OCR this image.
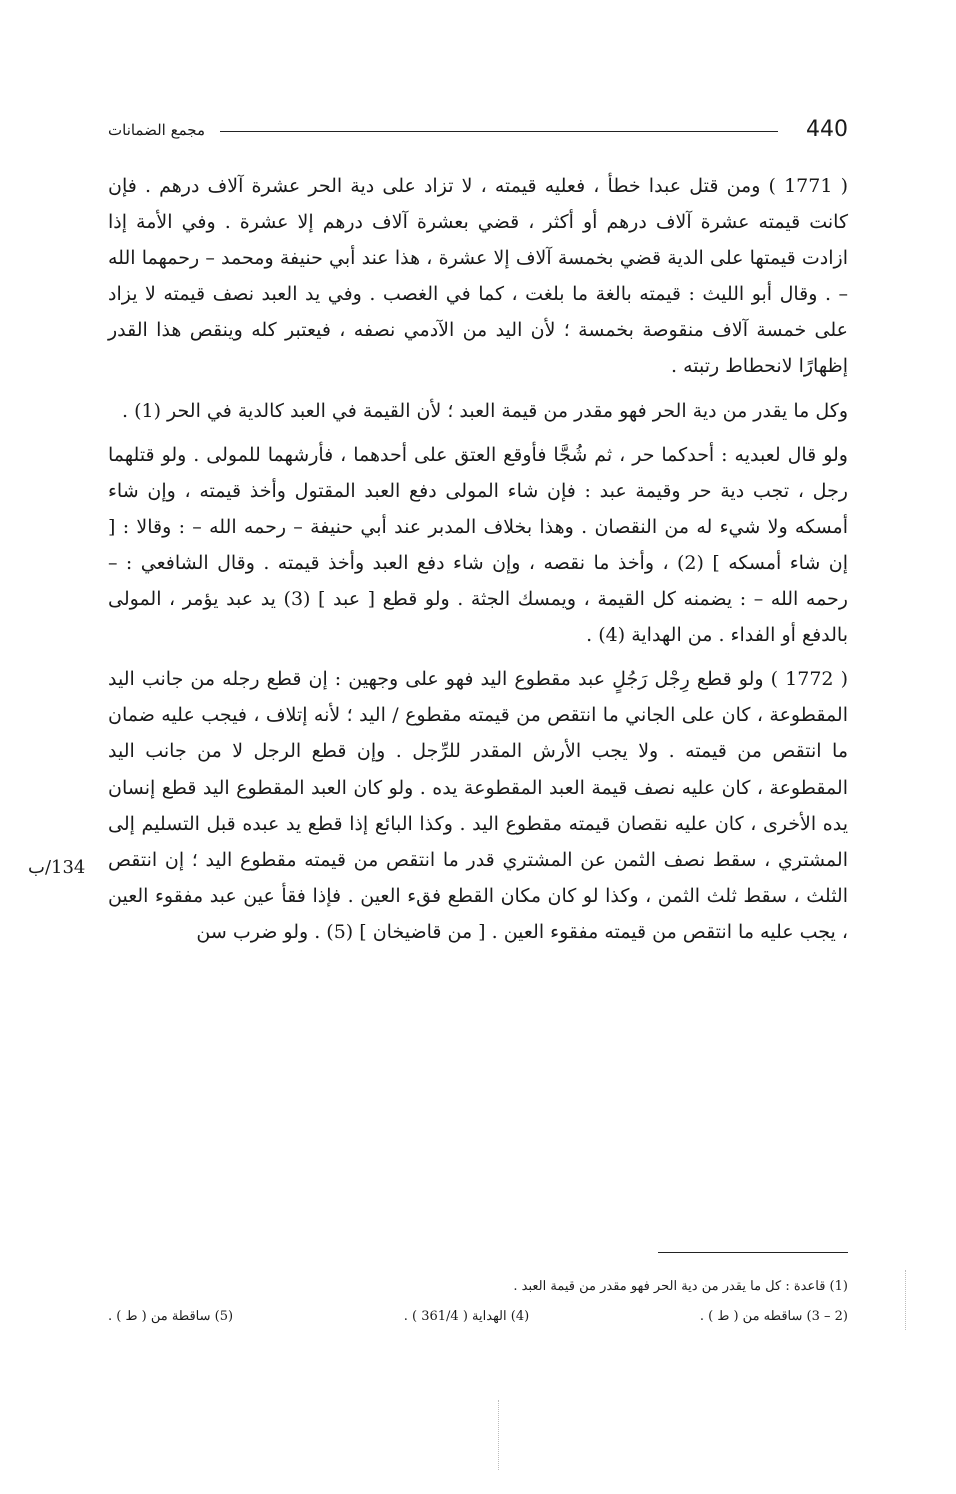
440
مجمع الضمانات

( 1771 ) ومن قتل عبدا خطأ ، فعليه قيمته ، لا تزاد على دية الحر عشرة آلاف درهم . فإن كانت قيمته عشرة آلاف درهم أو أكثر ، قضي بعشرة آلاف درهم إلا عشرة . وفي الأمة إذا ازادت قيمتها على الدية قضي بخمسة آلاف إلا عشرة ، هذا عند أبي حنيفة ومحمد – رحمهما الله – . وقال أبو الليث : قيمته بالغة ما بلغت ، كما في الغصب . وفي يد العبد نصف قيمته لا يزاد على خمسة آلاف منقوصة بخمسة ؛ لأن اليد من الآدمي نصفه ، فيعتبر كله وينقص هذا القدر إظهارًا لانحطاط رتبته .

وكل ما يقدر من دية الحر فهو مقدر من قيمة العبد ؛ لأن القيمة في العبد كالدية في الحر (1) .

ولو قال لعبديه : أحدكما حر ، ثم شُجَّا فأوقع العتق على أحدهما ، فأرشهما للمولى . ولو قتلهما رجل ، تجب دية حر وقيمة عبد : فإن شاء المولى دفع العبد المقتول وأخذ قيمته ، وإن شاء أمسكه ولا شيء له من النقصان . وهذا بخلاف المدبر عند أبي حنيفة – رحمه الله – : وقالا : [ إن شاء أمسكه ] (2) ، وأخذ ما نقصه ، وإن شاء دفع العبد وأخذ قيمته . وقال الشافعي : – رحمه الله – : يضمنه كل القيمة ، ويمسك الجثة . ولو قطع [ عبد ] (3) يد عبد يؤمر ، المولى بالدفع أو الفداء . من الهداية (4) .

( 1772 ) ولو قطع رِجْل رَجُلٍ عبد مقطوع اليد فهو على وجهين : إن قطع رجله من جانب اليد المقطوعة ، كان على الجاني ما انتقص من قيمته مقطوع / اليد ؛ لأنه إتلاف ، فيجب عليه ضمان ما انتقص من قيمته . ولا يجب الأرش المقدر للرِّجل . وإن قطع الرجل لا من جانب اليد المقطوعة ، كان عليه نصف قيمة العبد المقطوعة يده . ولو كان العبد المقطوع اليد قطع إنسان يده الأخرى ، كان عليه نقصان قيمته مقطوع اليد . وكذا البائع إذا قطع يد عبده قبل التسليم إلى المشتري ، سقط نصف الثمن عن المشتري قدر ما انتقص من قيمته مقطوع اليد ؛ إن انتقص الثلث ، سقط ثلث الثمن ، وكذا لو كان مكان القطع فقء العين . فإذا فقأ عين عبد مفقوء العين ، يجب عليه ما انتقص من قيمته مفقوء العين . [ من قاضيخان ] (5) . ولو ضرب سن

134/ب
(1) قاعدة : كل ما يقدر من دية الحر فهو مقدر من قيمة العبد .
(2 – 3) ساقطه من ( ط ) .
(4) الهداية ( 361/4 ) .
(5) ساقطة من ( ط ) .
